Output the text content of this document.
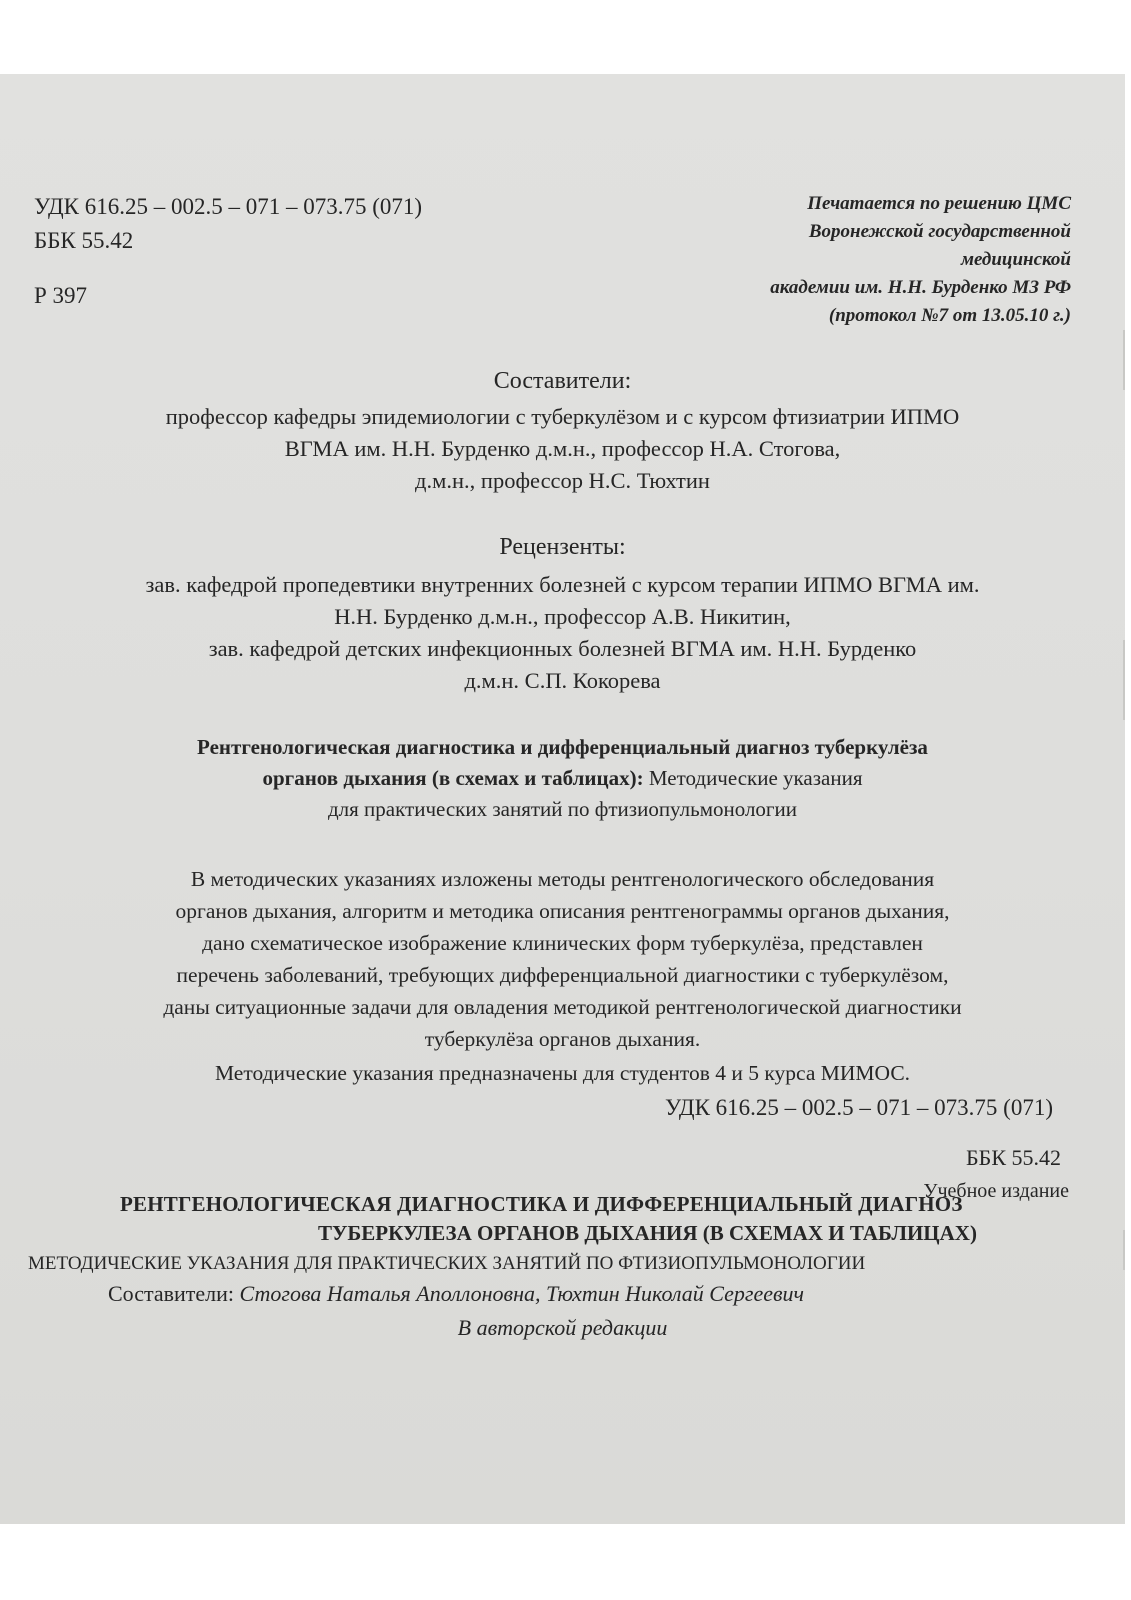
УДК 616.25 – 002.5 – 071 – 073.75 (071)
ББК 55.42
Р 397
Печатается по решению ЦМС
Воронежской государственной
медицинской
академии им. Н.Н. Бурденко МЗ РФ
(протокол №7 от 13.05.10 г.)
Составители:
профессор кафедры эпидемиологии с туберкулёзом и с курсом фтизиатрии ИПМО
ВГМА им. Н.Н. Бурденко д.м.н., профессор Н.А. Стогова,
д.м.н., профессор Н.С. Тюхтин
Рецензенты:
зав. кафедрой пропедевтики внутренних болезней с курсом терапии ИПМО ВГМА им.
Н.Н. Бурденко д.м.н., профессор А.В. Никитин,
зав. кафедрой детских инфекционных болезней ВГМА им. Н.Н. Бурденко
д.м.н. С.П. Кокорева
Рентгенологическая диагностика и дифференциальный диагноз туберкулёза
органов дыхания (в схемах и таблицах): Методические указания
для практических занятий по фтизиопульмонологии
В методических указаниях изложены методы рентгенологического обследования
органов дыхания, алгоритм и методика описания рентгенограммы органов дыхания,
дано схематическое изображение клинических форм туберкулёза, представлен
перечень заболеваний, требующих дифференциальной диагностики с туберкулёзом,
даны ситуационные задачи для овладения методикой рентгенологической диагностики
туберкулёза органов дыхания.
Методические указания предназначены для студентов 4 и 5 курса МИМОС.
УДК 616.25 – 002.5 – 071 – 073.75 (071)
ББК 55.42
Учебное издание
РЕНТГЕНОЛОГИЧЕСКАЯ ДИАГНОСТИКА И ДИФФЕРЕНЦИАЛЬНЫЙ ДИАГНОЗ
ТУБЕРКУЛЕЗА ОРГАНОВ ДЫХАНИЯ (В СХЕМАХ И ТАБЛИЦАХ)
МЕТОДИЧЕСКИЕ УКАЗАНИЯ ДЛЯ ПРАКТИЧЕСКИХ ЗАНЯТИЙ ПО ФТИЗИОПУЛЬМОНОЛОГИИ
Составители: Стогова Наталья Аполлоновна, Тюхтин Николай Сергеевич
В авторской редакции
